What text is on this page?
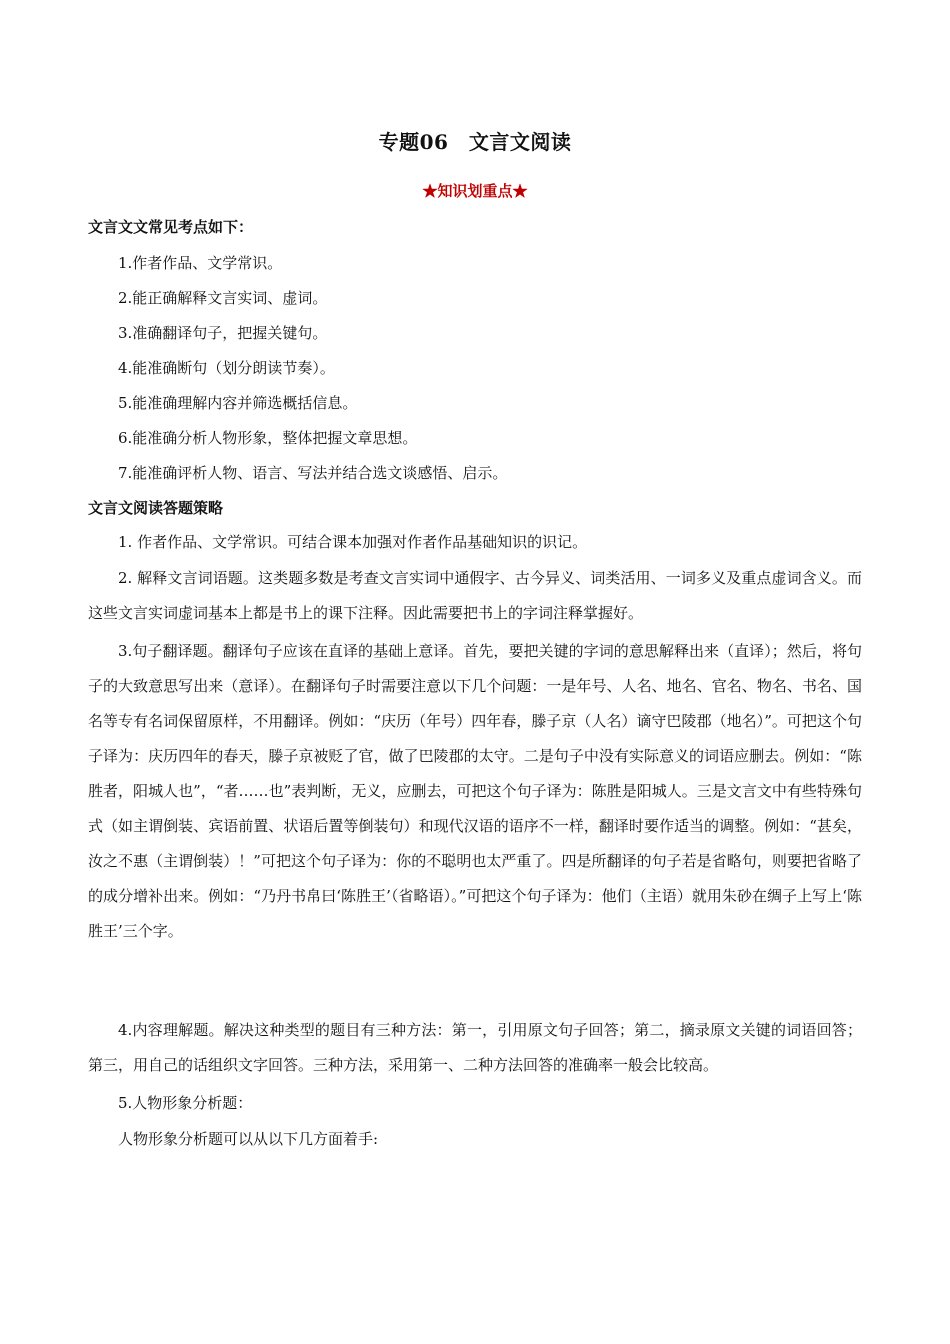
专题06　文言文阅读
★知识划重点★
文言文文常见考点如下：
1.作者作品、文学常识。
2.能正确解释文言实词、虚词。
3.准确翻译句子，把握关键句。
4.能准确断句（划分朗读节奏）。
5.能准确理解内容并筛选概括信息。
6.能准确分析人物形象，整体把握文章思想。
7.能准确评析人物、语言、写法并结合选文谈感悟、启示。
文言文阅读答题策略
1. 作者作品、文学常识。可结合课本加强对作者作品基础知识的识记。
2. 解释文言词语题。这类题多数是考查文言实词中通假字、古今异义、词类活用、一词多义及重点虚词含义。而这些文言实词虚词基本上都是书上的课下注释。因此需要把书上的字词注释掌握好。
3.句子翻译题。翻译句子应该在直译的基础上意译。首先，要把关键的字词的意思解释出来（直译）；然后，将句子的大致意思写出来（意译）。在翻译句子时需要注意以下几个问题：一是年号、人名、地名、官名、物名、书名、国名等专有名词保留原样，不用翻译。例如：“庆历（年号）四年春，滕子京（人名）谪守巴陵郡（地名）”。可把这个句子译为：庆历四年的春天，滕子京被贬了官，做了巴陵郡的太守。二是句子中没有实际意义的词语应删去。例如：“陈胜者，阳城人也”，“者……也”表判断，无义，应删去，可把这个句子译为：陈胜是阳城人。三是文言文中有些特殊句式（如主谓倒装、宾语前置、状语后置等倒装句）和现代汉语的语序不一样，翻译时要作适当的调整。例如：“甚矣，汝之不惠（主谓倒装）！”可把这个句子译为：你的不聪明也太严重了。四是所翻译的句子若是省略句，则要把省略了的成分增补出来。例如：“乃丹书帛曰‘陈胜王’（省略语）。”可把这个句子译为：他们（主语）就用朱砂在绸子上写上‘陈胜王’三个字。
4.内容理解题。解决这种类型的题目有三种方法：第一，引用原文句子回答；第二，摘录原文关键的词语回答；第三，用自己的话组织文字回答。三种方法，采用第一、二种方法回答的准确率一般会比较高。
5.人物形象分析题：
人物形象分析题可以从以下几方面着手:
